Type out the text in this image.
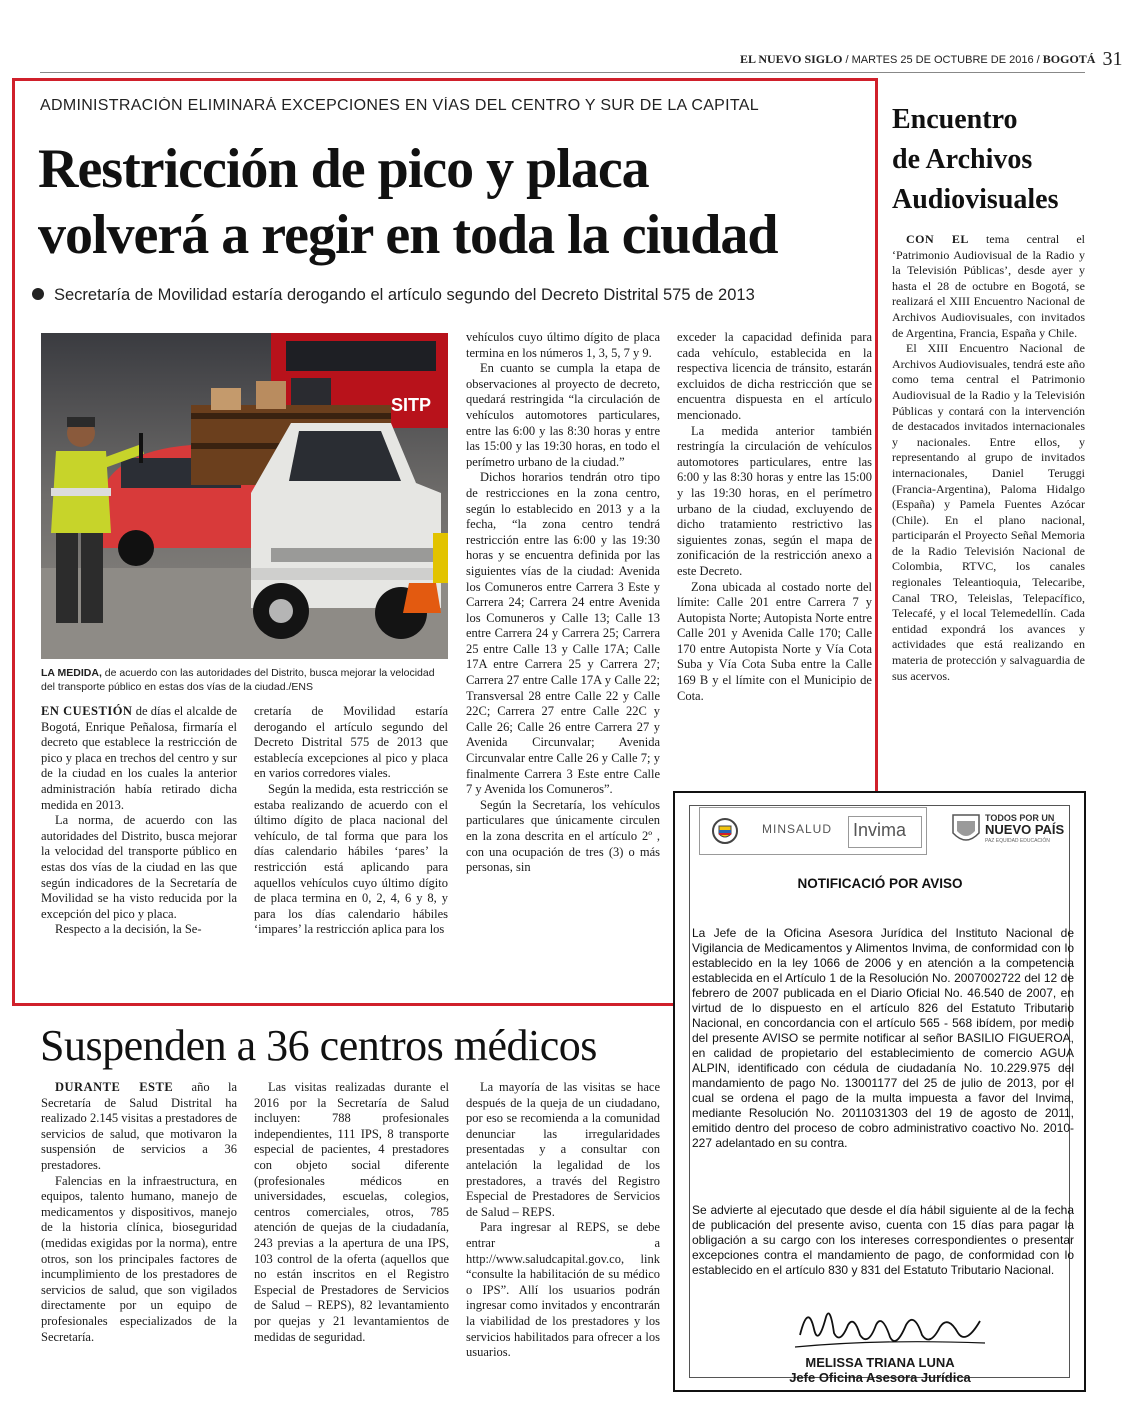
EL NUEVO SIGLO / MARTES 25 DE OCTUBRE DE 2016 / BOGOTÁ 31
ADMINISTRACIÓN ELIMINARÁ EXCEPCIONES EN VÍAS DEL CENTRO Y SUR DE LA CAPITAL
Restricción de pico y placa
volverá a regir en toda la ciudad
Secretaría de Movilidad estaría derogando el artículo segundo del Decreto Distrital 575 de 2013
SITP
LA MEDIDA, de acuerdo con las autoridades del Distrito, busca mejorar la velocidad del transporte público en estas dos vías de la ciudad./ENS

EN CUESTIÓN de días el alcalde de Bogotá, Enrique Peñalosa, firmaría el decreto que establece la restricción de pico y placa en trechos del centro y sur de la ciudad en los cuales la anterior administración había retirado dicha medida en 2013.

La norma, de acuerdo con las autoridades del Distrito, busca mejorar la velocidad del transporte público en estas dos vías de la ciudad en las que según indicadores de la Secretaría de Movilidad se ha visto reducida por la excepción del pico y placa.

Respecto a la decisión, la Se-

cretaría de Movilidad estaría derogando el artículo segundo del Decreto Distrital 575 de 2013 que establecía excepciones al pico y placa en varios corredores viales.

Según la medida, esta restricción se estaba realizando de acuerdo con el último dígito de placa nacional del vehículo, de tal forma que para los días calendario hábiles ‘pares’ la restricción está aplicando para aquellos vehículos cuyo último dígito de placa termina en 0, 2, 4, 6 y 8, y para los días calendario hábiles ‘impares’ la restricción aplica para los

vehículos cuyo último dígito de placa termina en los números 1, 3, 5, 7 y 9.

En cuanto se cumpla la etapa de observaciones al proyecto de decreto, quedará restringida “la circulación de vehículos automotores particulares, entre las 6:00 y las 8:30 horas y entre las 15:00 y las 19:30 horas, en todo el perímetro urbano de la ciudad.”

Dichos horarios tendrán otro tipo de restricciones en la zona centro, según lo establecido en 2013 y a la fecha, “la zona centro tendrá restricción entre las 6:00 y las 19:30 horas y se encuentra definida por las siguientes vías de la ciudad: Avenida los Comuneros entre Carrera 3 Este y Carrera 24; Carrera 24 entre Avenida los Comuneros y Calle 13; Calle 13 entre Carrera 24 y Carrera 25; Carrera 25 entre Calle 13 y Calle 17A; Calle 17A entre Carrera 25 y Carrera 27; Carrera 27 entre Calle 17A y Calle 22; Transversal 28 entre Calle 22 y Calle 22C; Carrera 27 entre Calle 22C y Calle 26; Calle 26 entre Carrera 27 y Avenida Circunvalar; Avenida Circunvalar entre Calle 26 y Calle 7; y finalmente Carrera 3 Este entre Calle 7 y Avenida los Comuneros”.

Según la Secretaría, los vehículos particulares que únicamente circulen en la zona descrita en el artículo 2º , con una ocupación de tres (3) o más personas, sin

exceder la capacidad definida para cada vehículo, establecida en la respectiva licencia de tránsito, estarán excluidos de dicha restricción que se encuentra dispuesta en el artículo mencionado.

La medida anterior también restringía la circulación de vehículos automotores particulares, entre las 6:00 y las 8:30 horas y entre las 15:00 y las 19:30 horas, en el perímetro urbano de la ciudad, excluyendo de dicho tratamiento restrictivo las siguientes zonas, según el mapa de zonificación de la restricción anexo a este Decreto.

Zona ubicada al costado norte del límite: Calle 201 entre Carrera 7 y Autopista Norte; Autopista Norte entre Calle 201 y Avenida Calle 170; Calle 170 entre Autopista Norte y Vía Cota Suba y Vía Cota Suba entre la Calle 169 B y el límite con el Municipio de Cota.

Encuentro
de Archivos
Audiovisuales

CON EL tema central el ‘Patrimonio Audiovisual de la Radio y la Televisión Públicas’, desde ayer y hasta el 28 de octubre en Bogotá, se realizará el XIII Encuentro Nacional de Archivos Audiovisuales, con invitados de Argentina, Francia, España y Chile.

El XIII Encuentro Nacional de Archivos Audiovisuales, tendrá este año como tema central el Patrimonio Audiovisual de la Radio y la Televisión Públicas y contará con la intervención de destacados invitados internacionales y nacionales. Entre ellos, y representando al grupo de invitados internacionales, Daniel Teruggi (Francia-Argentina), Paloma Hidalgo (España) y Pamela Fuentes Azócar (Chile). En el plano nacional, participarán el Proyecto Señal Memoria de la Radio Televisión Nacional de Colombia, RTVC, los canales regionales Teleantioquia, Telecaribe, Canal TRO, Teleislas, Telepacífico, Telecafé, y el local Telemedellín. Cada entidad expondrá los avances y actividades que está realizando en materia de protección y salvaguardia de sus acervos.

Suspenden a 36 centros médicos

DURANTE ESTE año la Secretaría de Salud Distrital ha realizado 2.145 visitas a prestadores de servicios de salud, que motivaron la suspensión de servicios a 36 prestadores.

Falencias en la infraestructura, en equipos, talento humano, manejo de medicamentos y dispositivos, manejo de la historia clínica, bioseguridad (medidas exigidas por la norma), entre otros, son los principales factores de incumplimiento de los prestadores de servicios de salud, que son vigilados directamente por un equipo de profesionales especializados de la Secretaría.

Las visitas realizadas durante el 2016 por la Secretaría de Salud incluyen: 788 profesionales independientes, 111 IPS, 8 transporte especial de pacientes, 4 prestadores con objeto social diferente (profesionales médicos en universidades, escuelas, colegios, centros comerciales, otros, 785 atención de quejas de la ciudadanía, 243 previas a la apertura de una IPS, 103 control de la oferta (aquellos que no están inscritos en el Registro Especial de Prestadores de Servicios de Salud – REPS), 82 levantamiento por quejas y 21 levantamientos de medidas de seguridad.

La mayoría de las visitas se hace después de la queja de un ciudadano, por eso se recomienda a la comunidad denunciar las irregularidades presentadas y a consultar con antelación la legalidad de los prestadores, a través del Registro Especial de Prestadores de Servicios de Salud – REPS.

Para ingresar al REPS, se debe entrar a http://www.saludcapital.gov.co, link “consulte la habilitación de su médico o IPS”. Allí los usuarios podrán ingresar como invitados y encontrarán la viabilidad de los prestadores y los servicios habilitados para ofrecer a los usuarios.

MINSALUD Invima
TODOS POR UN
NUEVO PAÍS
PAZ EQUIDAD EDUCACIÓN
NOTIFICACIÓ POR AVISO
La Jefe de la Oficina Asesora Jurídica del Instituto Nacional de Vigilancia de Medicamentos y Alimentos Invima, de conformidad con lo establecido en la ley 1066 de 2006 y en atención a la competencia establecida en el Artículo 1 de la Resolución No. 2007002722 del 12 de febrero de 2007 publicada en el Diario Oficial No. 46.540 de 2007, en virtud de lo dispuesto en el artículo 826 del Estatuto Tributario Nacional, en concordancia con el artículo 565 - 568 ibídem, por medio del presente AVISO se permite notificar al señor BASILIO FIGUEROA, en calidad de propietario del establecimiento de comercio AGUA ALPIN, identificado con cédula de ciudadanía No. 10.229.975 del mandamiento de pago No. 13001177 del 25 de julio de 2013, por el cual se ordena el pago de la multa impuesta a favor del Invima, mediante Resolución No. 2011031303 del 19 de agosto de 2011, emitido dentro del proceso de cobro administrativo coactivo No. 2010-227 adelantado en su contra.
Se advierte al ejecutado que desde el día hábil siguiente al de la fecha de publicación del presente aviso, cuenta con 15 días para pagar la obligación a su cargo con los intereses correspondientes o presentar excepciones contra el mandamiento de pago, de conformidad con lo establecido en el artículo 830 y 831 del Estatuto Tributario Nacional.
MELISSA TRIANA LUNA
Jefe Oficina Asesora Jurídica
